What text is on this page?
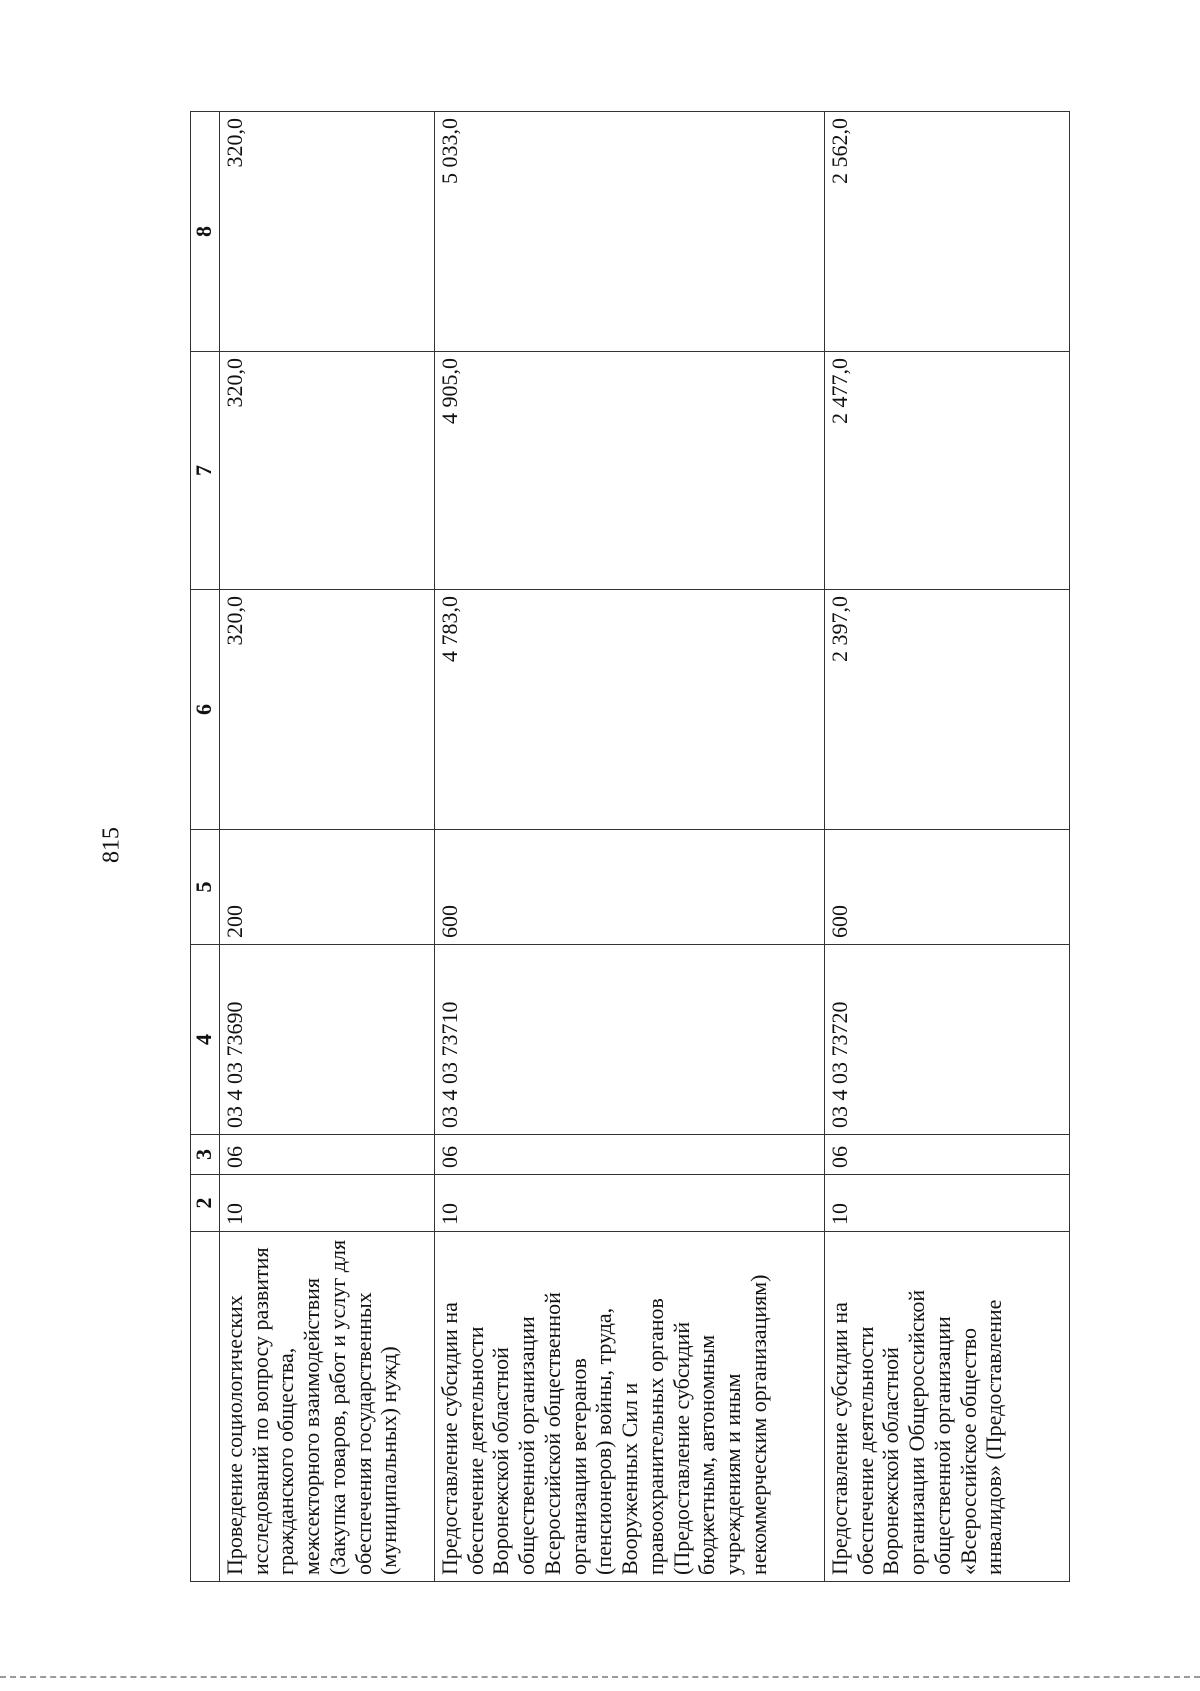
815
	2	3	4	5	6	7	8
Проведение социологических исследований по вопросу развития гражданского общества, межсекторного взаимодействия (Закупка товаров, работ и услуг для обеспечения государственных (муниципальных) нужд)	10	06	03 4 03 73690	200	320,0	320,0	320,0
Предоставление субсидии на обеспечение деятельности Воронежской областной общественной организации Всероссийской общественной организации ветеранов (пенсионеров) войны, труда, Вооруженных Сил и правоохранительных органов (Предоставление субсидий бюджетным, автономным учреждениям и иным некоммерческим организациям)	10	06	03 4 03 73710	600	4 783,0	4 905,0	5 033,0
Предоставление субсидии на обеспечение деятельности Воронежской областной организации Общероссийской общественной организации «Всероссийское общество инвалидов» (Предоставление	10	06	03 4 03 73720	600	2 397,0	2 477,0	2 562,0
